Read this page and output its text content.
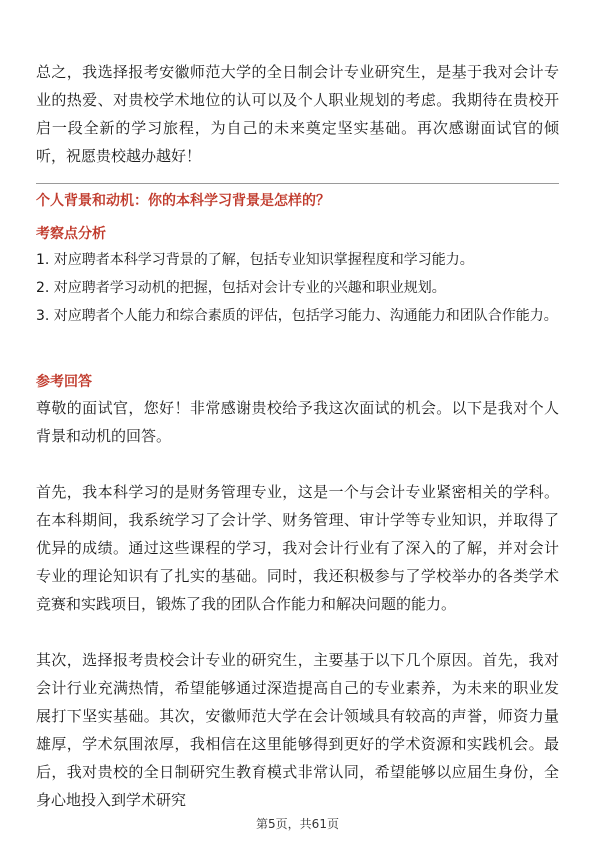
总之，我选择报考安徽师范大学的全日制会计专业研究生，是基于我对会计专业的热爱、对贵校学术地位的认可以及个人职业规划的考虑。我期待在贵校开启一段全新的学习旅程，为自己的未来奠定坚实基础。再次感谢面试官的倾听，祝愿贵校越办越好！

个人背景和动机：你的本科学习背景是怎样的？

考察点分析

1. 对应聘者本科学习背景的了解，包括专业知识掌握程度和学习能力。
2. 对应聘者学习动机的把握，包括对会计专业的兴趣和职业规划。
3. 对应聘者个人能力和综合素质的评估，包括学习能力、沟通能力和团队合作能力。

参考回答

尊敬的面试官，您好！非常感谢贵校给予我这次面试的机会。以下是我对个人背景和动机的回答。

首先，我本科学习的是财务管理专业，这是一个与会计专业紧密相关的学科。在本科期间，我系统学习了会计学、财务管理、审计学等专业知识，并取得了优异的成绩。通过这些课程的学习，我对会计行业有了深入的了解，并对会计专业的理论知识有了扎实的基础。同时，我还积极参与了学校举办的各类学术竞赛和实践项目，锻炼了我的团队合作能力和解决问题的能力。

其次，选择报考贵校会计专业的研究生，主要基于以下几个原因。首先，我对会计行业充满热情，希望能够通过深造提高自己的专业素养，为未来的职业发展打下坚实基础。其次，安徽师范大学在会计领域具有较高的声誉，师资力量雄厚，学术氛围浓厚，我相信在这里能够得到更好的学术资源和实践机会。最后，我对贵校的全日制研究生教育模式非常认同，希望能够以应届生身份，全身心地投入到学术研究

第5页，共61页
